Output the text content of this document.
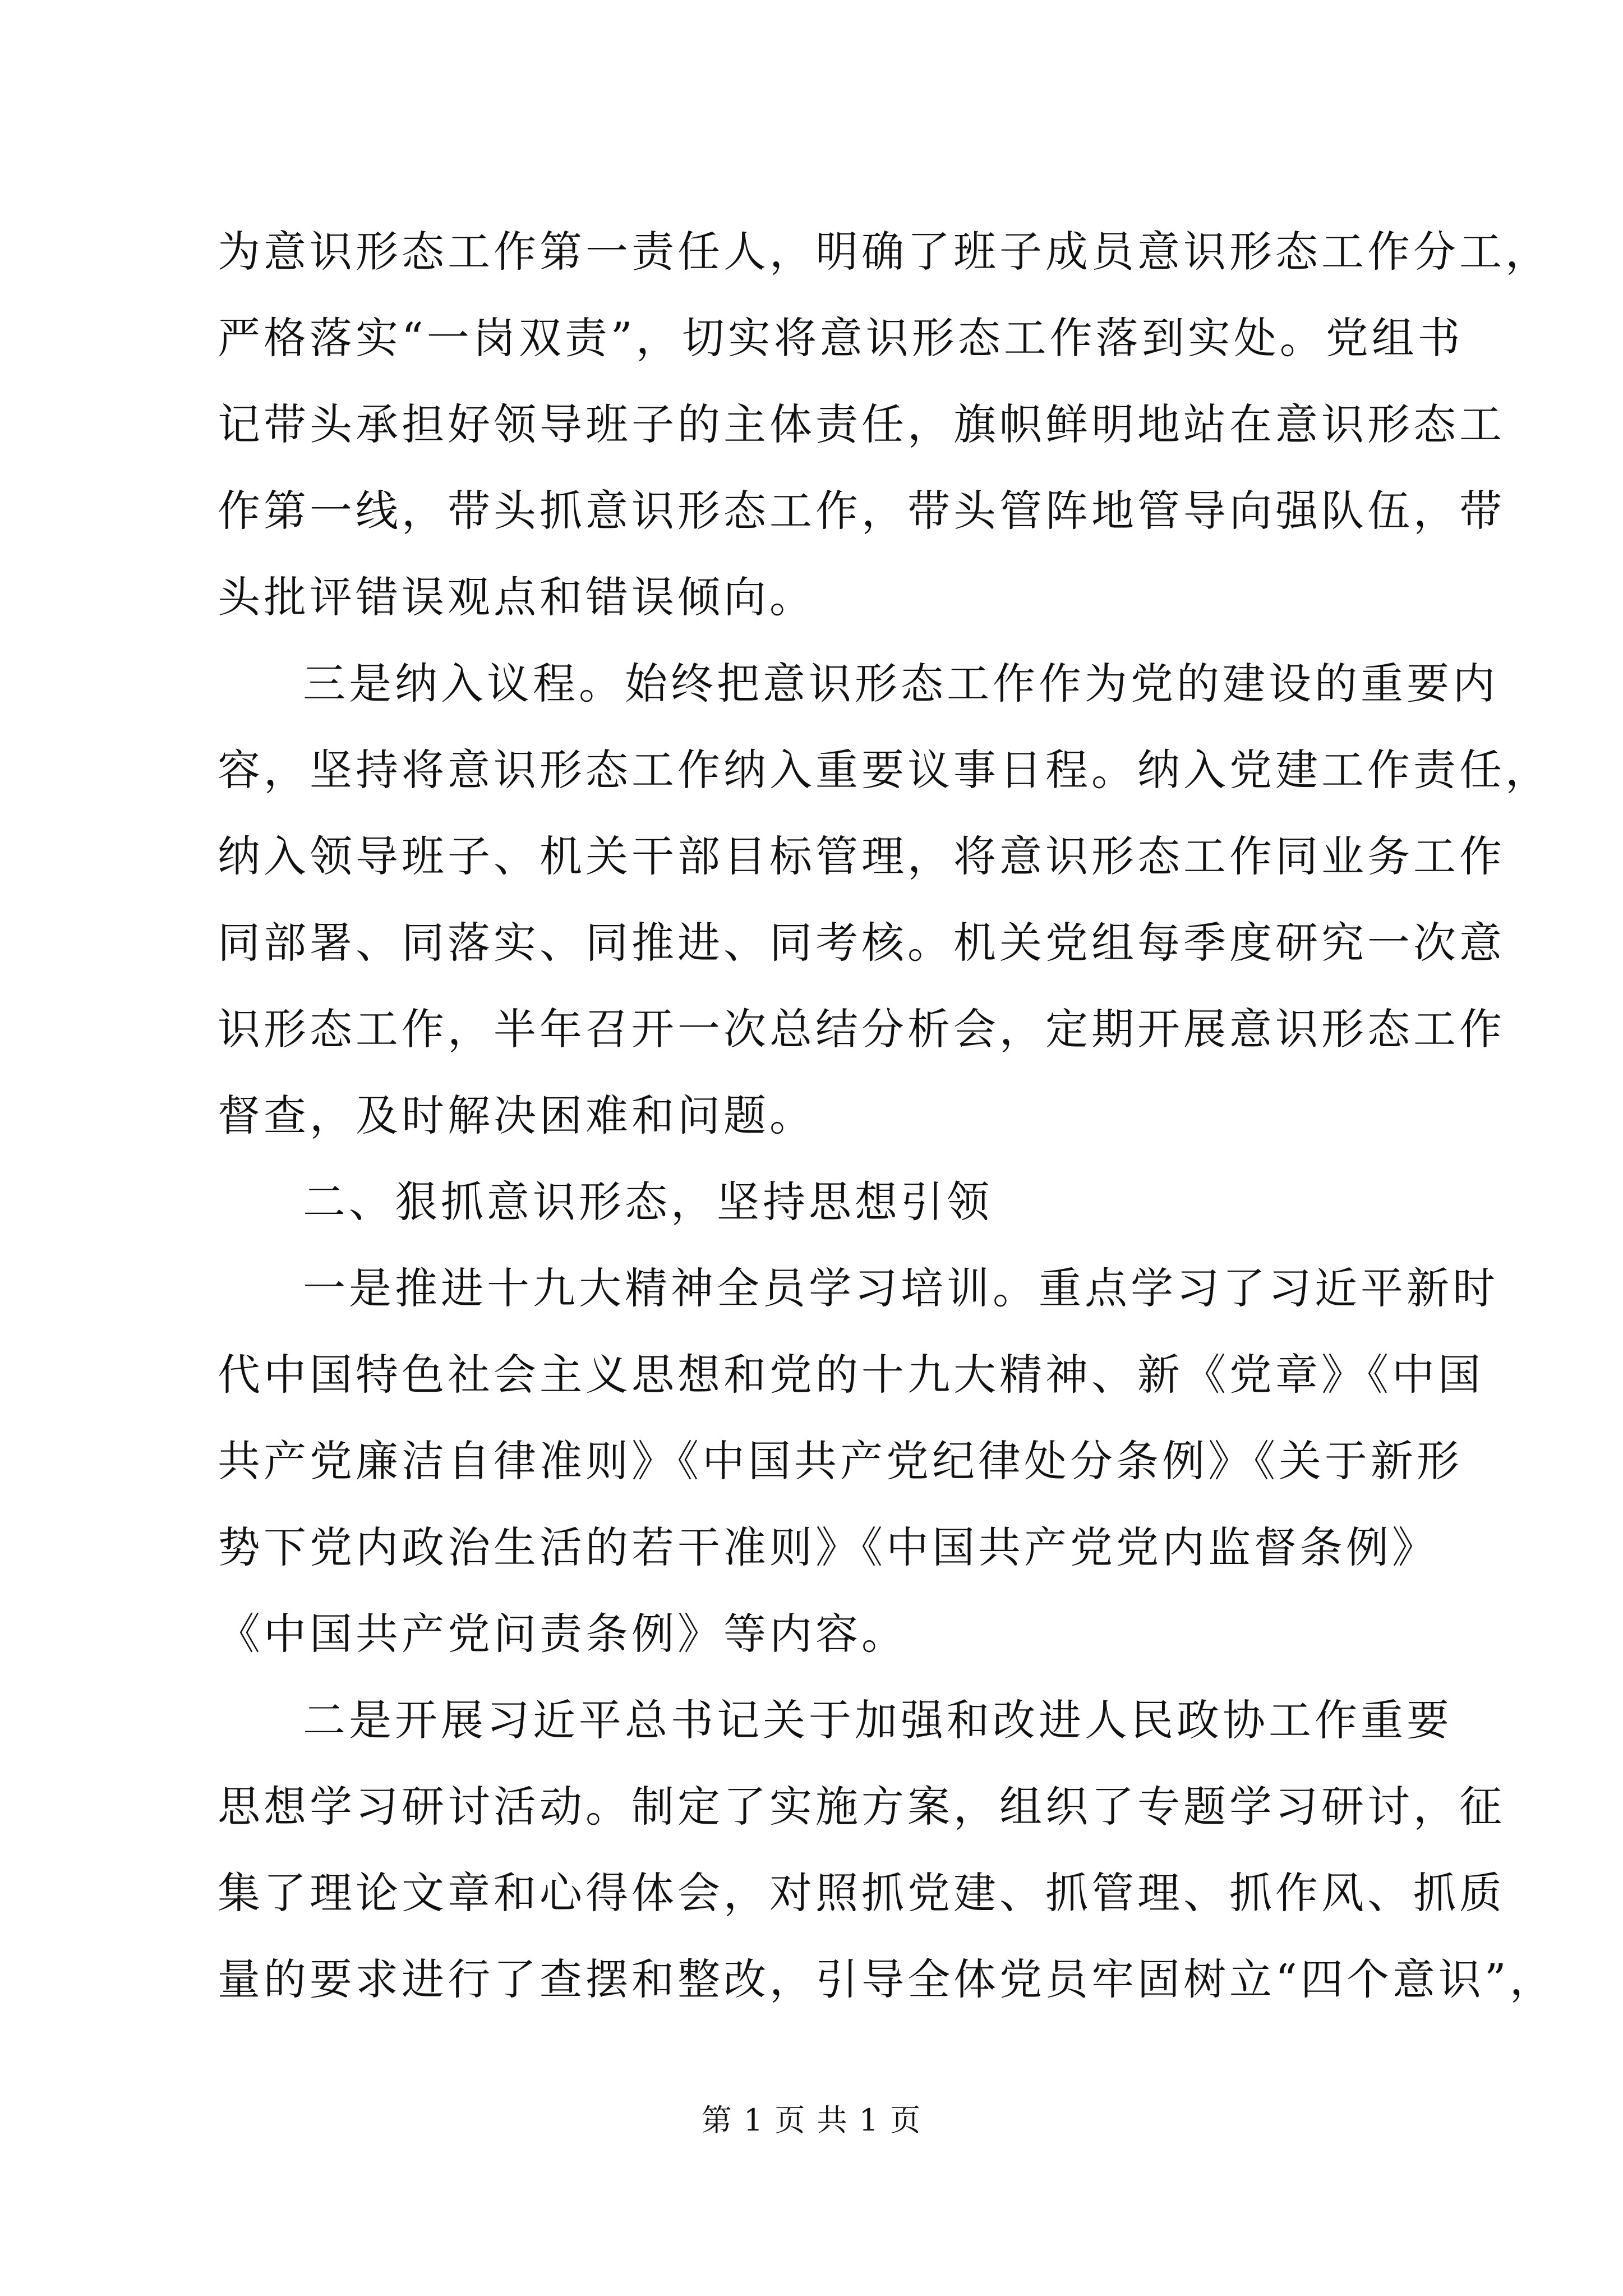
为意识形态工作第一责任人，明确了班子成员意识形态工作分工，
严格落实“一岗双责”，切实将意识形态工作落到实处。党组书
记带头承担好领导班子的主体责任，旗帜鲜明地站在意识形态工
作第一线，带头抓意识形态工作，带头管阵地管导向强队伍，带
头批评错误观点和错误倾向。
三是纳入议程。始终把意识形态工作作为党的建设的重要内
容，坚持将意识形态工作纳入重要议事日程。纳入党建工作责任，
纳入领导班子、机关干部目标管理，将意识形态工作同业务工作
同部署、同落实、同推进、同考核。机关党组每季度研究一次意
识形态工作，半年召开一次总结分析会，定期开展意识形态工作
督查，及时解决困难和问题。
二、狠抓意识形态，坚持思想引领
一是推进十九大精神全员学习培训。重点学习了习近平新时
代中国特色社会主义思想和党的十九大精神、新《党章》《中国
共产党廉洁自律准则》《中国共产党纪律处分条例》《关于新形
势下党内政治生活的若干准则》《中国共产党党内监督条例》
《中国共产党问责条例》等内容。
二是开展习近平总书记关于加强和改进人民政协工作重要
思想学习研讨活动。制定了实施方案，组织了专题学习研讨，征
集了理论文章和心得体会，对照抓党建、抓管理、抓作风、抓质
量的要求进行了查摆和整改，引导全体党员牢固树立“四个意识”，
第 1 页 共 1 页
